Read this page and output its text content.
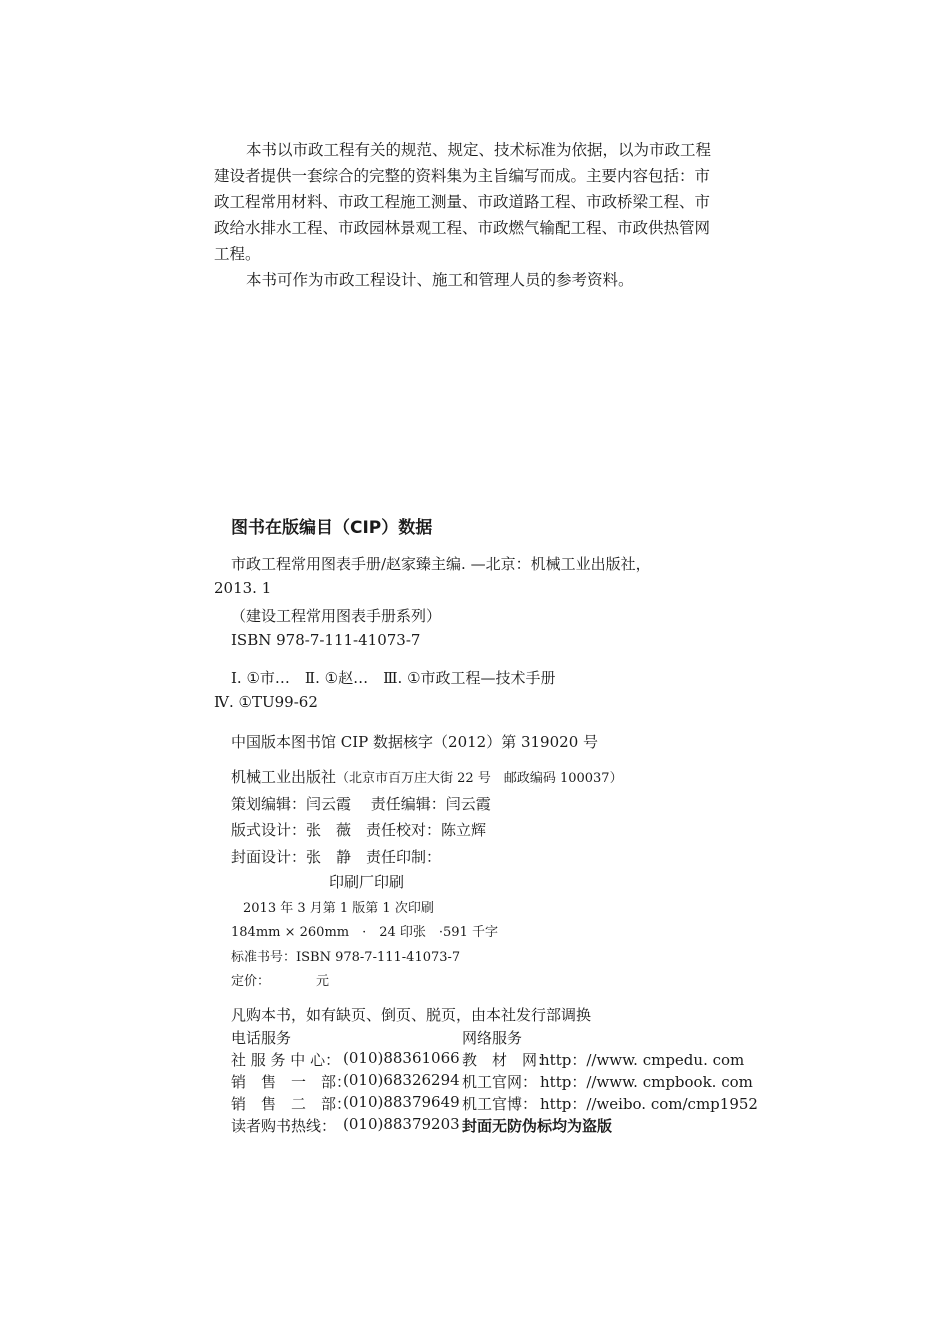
本书以市政工程有关的规范、规定、技术标准为依据，以为市政工程
建设者提供一套综合的完整的资料集为主旨编写而成。主要内容包括：市
政工程常用材料、市政工程施工测量、市政道路工程、市政桥梁工程、市
政给水排水工程、市政园林景观工程、市政燃气输配工程、市政供热管网
工程。
本书可作为市政工程设计、施工和管理人员的参考资料。
图书在版编目（CIP）数据
市政工程常用图表手册/赵家臻主编. —北京：机械工业出版社，
2013. 1
（建设工程常用图表手册系列）
ISBN 978-7-111-41073-7
Ⅰ. ①市…　Ⅱ. ①赵…　Ⅲ. ①市政工程—技术手册
Ⅳ. ①TU99-62
中国版本图书馆 CIP 数据核字（2012）第 319020 号
机械工业出版社（北京市百万庄大街 22 号　邮政编码 100037）
策划编辑：闫云霞　 责任编辑：闫云霞
版式设计：张　薇　责任校对：陈立辉
封面设计：张　静　责任印制：
印刷厂印刷
2013 年 3 月第 1 版第 1 次印刷
184mm × 260mm　·　24 印张　·591 千字
标准书号：ISBN 978-7-111-41073-7
定价：	元
凡购本书，如有缺页、倒页、脱页，由本社发行部调换
电话服务	网络服务
社 服 务 中 心： (010)88361066 教　材　网：
http：//www. cmpedu. com
销　售　一　部：
(010)68326294 机工官网： http：//www. cmpbook. com
销　售　二　部：
(010)88379649 机工官博： http：//weibo. com/cmp1952
读者购书热线： (010)88379203 封面无防伪标均为盗版
